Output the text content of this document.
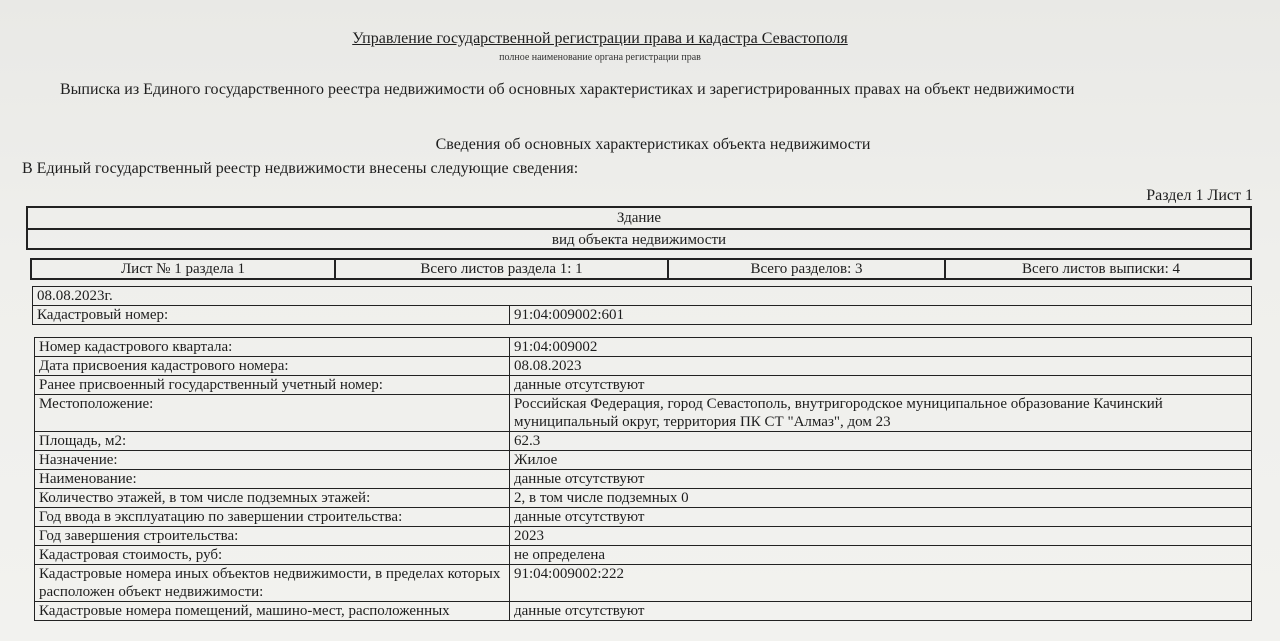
Управление государственной регистрации права и кадастра Севастополя
полное наименование органа регистрации прав
Выписка из Единого государственного реестра недвижимости об основных характеристиках и зарегистрированных правах на объект недвижимости
Сведения об основных характеристиках объекта недвижимости
В Единый государственный реестр недвижимости внесены следующие сведения:
Раздел 1 Лист 1
Здание
вид объекта недвижимости
Лист № 1 раздела 1	Всего листов раздела 1: 1	Всего разделов: 3	Всего листов выписки: 4
08.08.2023г.
Кадастровый номер:	91:04:009002:601
Номер кадастрового квартала:	91:04:009002
Дата присвоения кадастрового номера:	08.08.2023
Ранее присвоенный государственный учетный номер:	данные отсутствуют
Местоположение:	Российская Федерация, город Севастополь, внутригородское муниципальное образование Качинский муниципальный округ, территория ПК СТ "Алмаз", дом 23
Площадь, м2:	62.3
Назначение:	Жилое
Наименование:	данные отсутствуют
Количество этажей, в том числе подземных этажей:	2, в том числе подземных 0
Год ввода в эксплуатацию по завершении строительства:	данные отсутствуют
Год завершения строительства:	2023
Кадастровая стоимость, руб:	не определена
Кадастровые номера иных объектов недвижимости, в пределах которых расположен объект недвижимости:	91:04:009002:222
Кадастровые номера помещений, машино-мест, расположенных	данные отсутствуют
